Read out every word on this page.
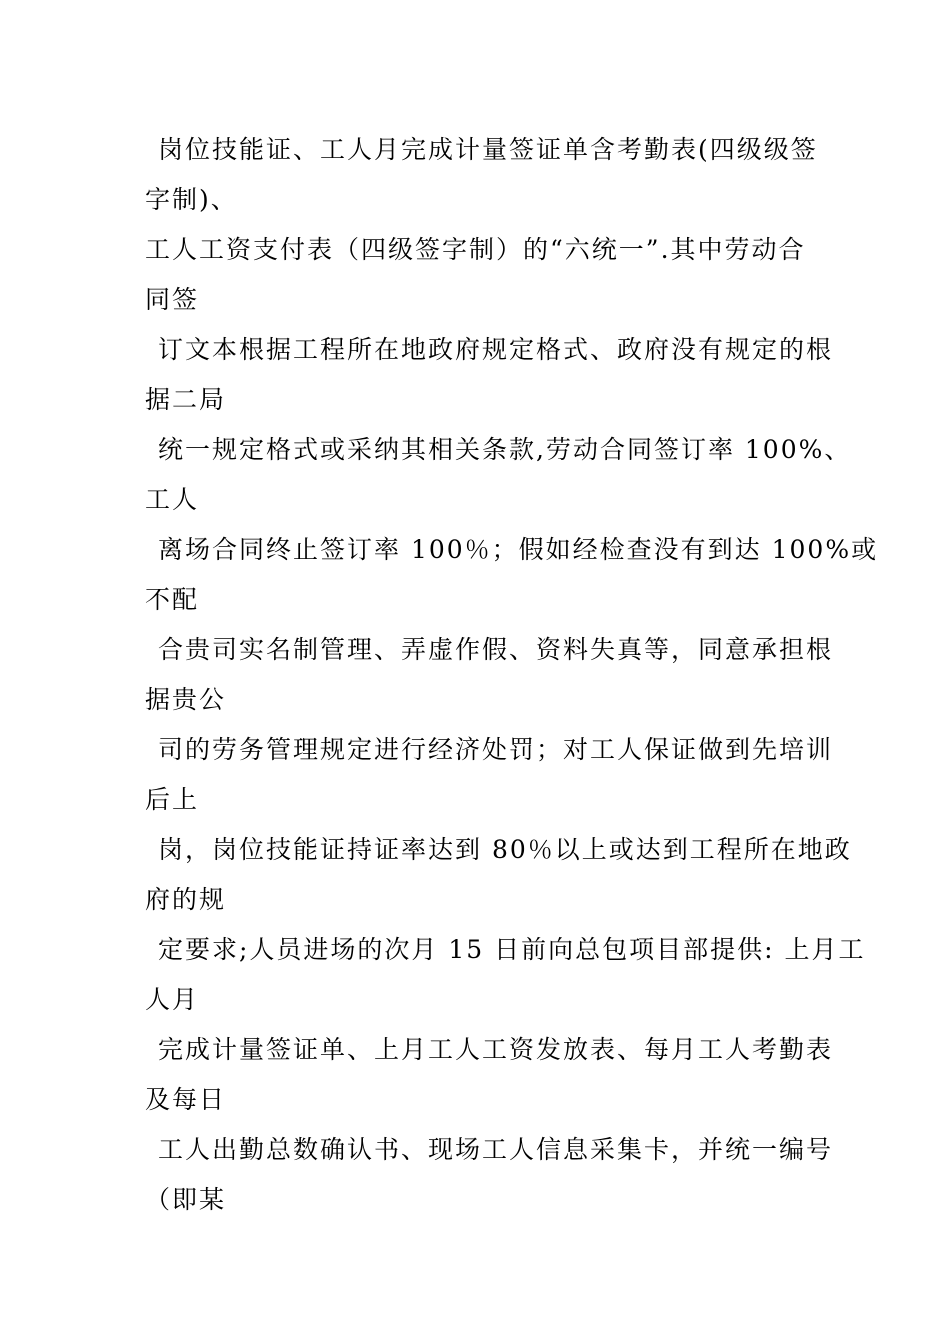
岗位技能证、工人月完成计量签证单含考勤表(四级级签
字制)、
工人工资支付表（四级签字制）的“六统一”.其中劳动合
同签
订文本根据工程所在地政府规定格式、政府没有规定的根
据二局
统一规定格式或采纳其相关条款,劳动合同签订率 100%、
工人
离场合同终止签订率 100％；假如经检查没有到达 100%或
不配
合贵司实名制管理、弄虚作假、资料失真等，同意承担根
据贵公
司的劳务管理规定进行经济处罚；对工人保证做到先培训
后上
岗，岗位技能证持证率达到 80％以上或达到工程所在地政
府的规
定要求;人员进场的次月 15 日前向总包项目部提供: 上月工
人月
完成计量签证单、上月工人工资发放表、每月工人考勤表
及每日
工人出勤总数确认书、现场工人信息采集卡，并统一编号
（即某
